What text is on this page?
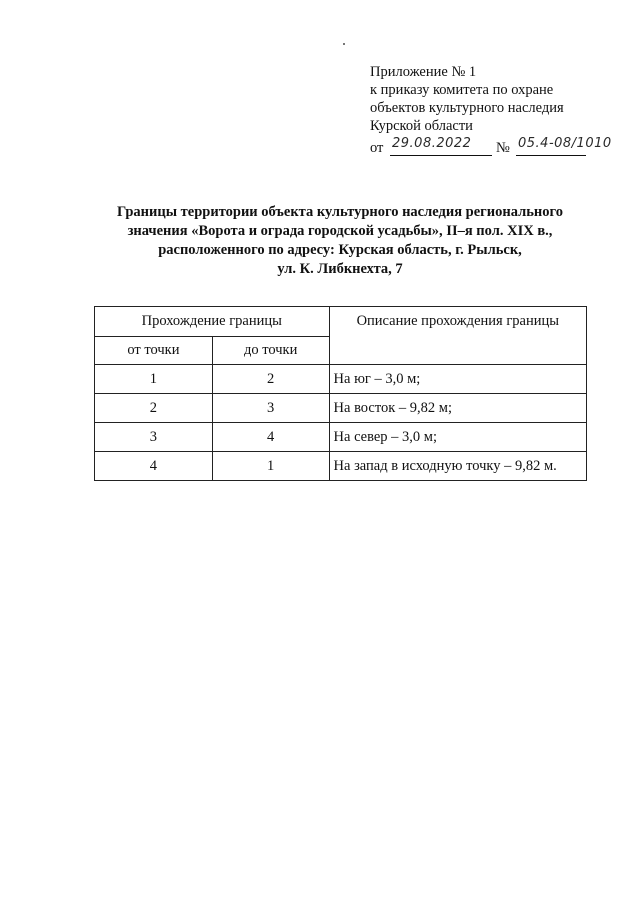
Приложение № 1
к приказу комитета по охране
объектов культурного наследия
Курской области
от 29.08.2022 № 05.4-08/1010
Границы территории объекта культурного наследия регионального
значения «Ворота и ограда городской усадьбы», II–я пол. XIX в.,
расположенного по адресу: Курская область, г. Рыльск,
ул. К. Либкнехта, 7
Прохождение границы		Описание прохождения границы
от точки	до точки	
1	2	На юг – 3,0 м;
2	3	На восток – 9,82 м;
3	4	На север – 3,0 м;
4	1	На запад в исходную точку – 9,82 м.
